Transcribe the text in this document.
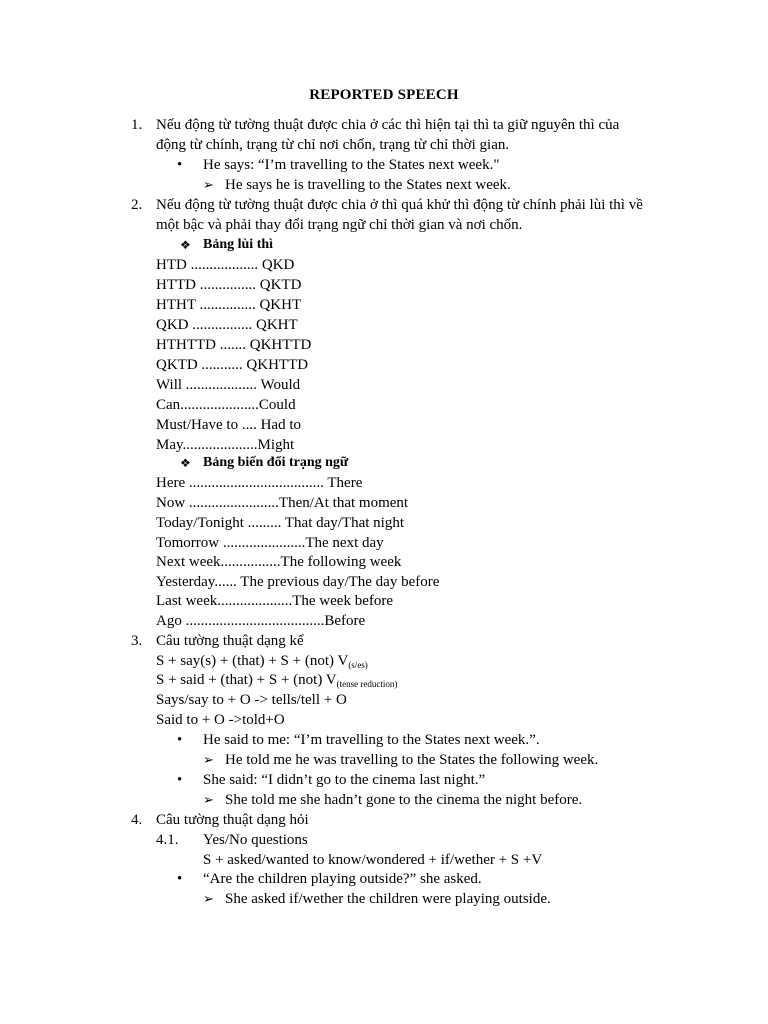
REPORTED SPEECH
1. Nếu động từ tường thuật được chia ở các thì hiện tại thì ta giữ nguyên thì của
động từ chính, trạng từ chỉ nơi chốn, trạng từ chỉ thời gian.
• He says: “I’m travelling to the States next week."
➢ He says he is travelling to the States next week.
2. Nếu động từ tường thuật được chia ở thì quá khử thì động từ chính phải lùi thì về
một bậc và phải thay đổi trạng ngữ chỉ thời gian và nơi chốn.
❖ Bảng lùi thì
HTD .................. QKD
HTTD ............... QKTD
HTHT ............... QKHT
QKD ................ QKHT
HTHTTD ....... QKHTTD
QKTD ........... QKHTTD
Will ................... Would
Can.....................Could
Must/Have to .... Had to
May....................Might
❖ Bảng biến đổi trạng ngữ
Here .................................... There
Now ........................Then/At that moment
Today/Tonight ......... That day/That night
Tomorrow ......................The next day
Next week................The following week
Yesterday...... The previous day/The day before
Last week....................The week before
Ago .....................................Before
3. Câu tường thuật dạng kể
S + say(s) + (that) + S + (not) $V_{(s/es)}$
S + said + (that) + S + (not) $V_{(tense reduction)}$
Says/say to + O -> tells/tell + O
Said to + O ->told+O
• He said to me: “I’m travelling to the States next week.”.
➢ He told me he was travelling to the States the following week.
• She said: “I didn’t go to the cinema last night.”
➢ She told me she hadn’t gone to the cinema the night before.
4. Câu tường thuật dạng hỏi
4.1. Yes/No questions
S + asked/wanted to know/wondered + if/wether + S +V
• “Are the children playing outside?” she asked.
➢ She asked if/wether the children were playing outside.
